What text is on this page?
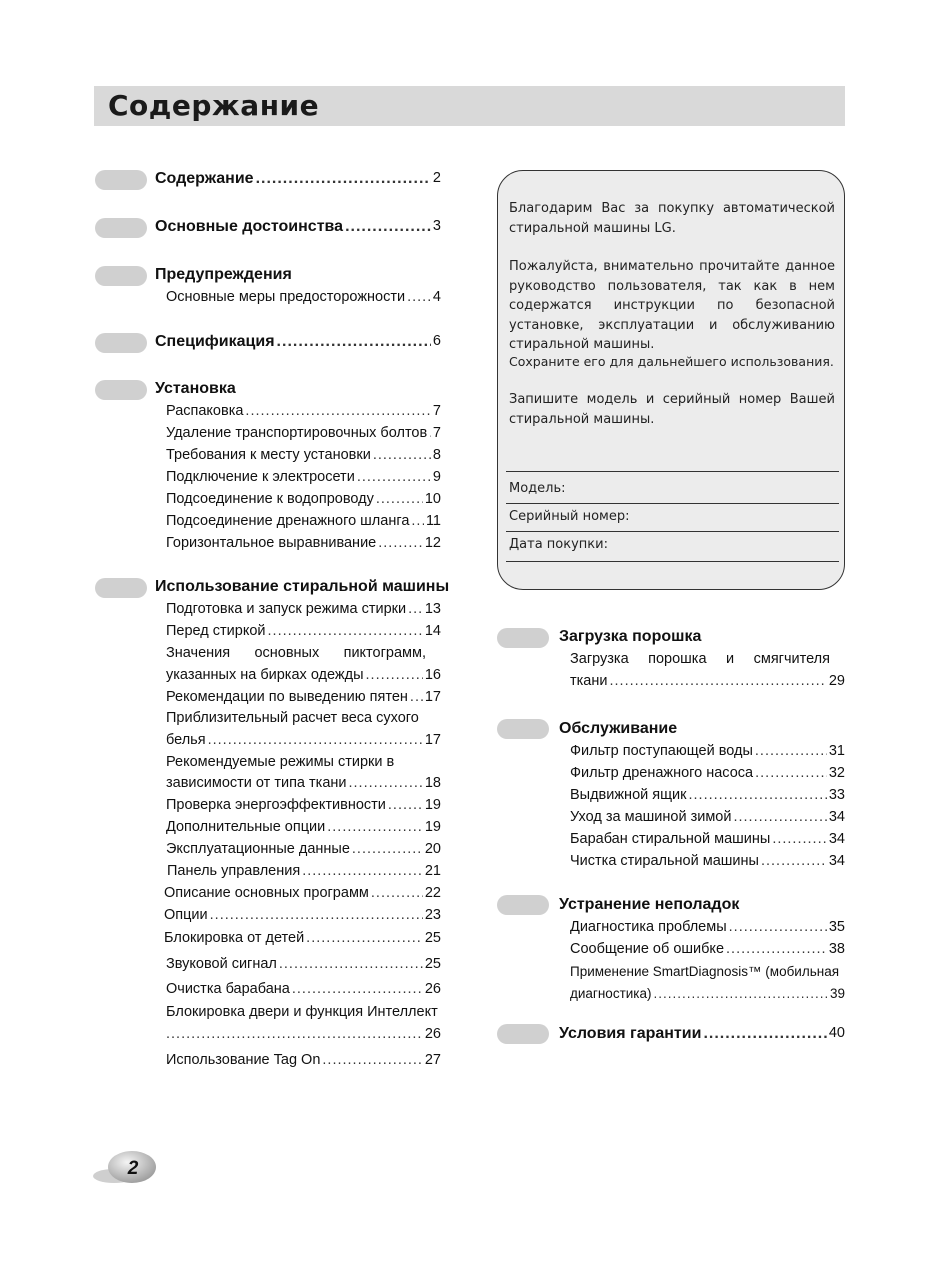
Содержание
Содержание .....	2
Основные достоинства .....	3
Предупреждения
Основные меры предосторожности ..... 4
Спецификация .....	6
Установка
Распаковка .....	7
Удаление транспортировочных болтов ..... 7
Требования к месту установки .....	8
Подключение к электросети .....	9
Подсоединение к водопроводу .....	10
Подсоединение дренажного шланга ..... 11
Горизонтальное выравнивание .....	12
Использование стиральной машины
Подготовка и запуск режима стирки ..... 13
Перед стиркой .....	14
Значения основных пиктограмм,
указанных на бирках одежды .....	16
Рекомендации по выведению пятен ..... 17
Приблизительный расчет веса сухого
белья .....	17
Рекомендуемые режимы стирки в
зависимости от типа ткани .....	18
Проверка энергоэффективности .....	19
Дополнительные опции .....	19
Эксплуатационные данные .....	20
Панель управления .....	21
Описание основных программ .....	22
Опции .....	23
Блокировка от детей .....	25
Звуковой сигнал .....	25
Очистка барабана .....	26
Блокировка двери и функция Интеллект
.....
26
Использование Tag On .....	27

Благодарим Вас за покупку автоматической стиральной машины LG.

Пожалуйста, внимательно прочитайте данное руководство пользователя, так как в нем содержатся инструкции по безопасной установке, эксплуатации и обслуживанию стиральной машины.

Сохраните его для дальнейшего использования.

Запишите модель и серийный номер Вашей стиральной машины.

Модель:
Серийный номер:
Дата покупки:
Загрузка порошка
Загрузка порошка и смягчителя
ткани .....	29
Обслуживание
Фильтр поступающей воды .....	31
Фильтр дренажного насоса .....	32
Выдвижной ящик .....	33
Уход за машиной зимой .....	34
Барабан стиральной машины .....	34
Чистка стиральной машины .....	34
Устранение неполадок
Диагностика проблемы .....	35
Сообщение об ошибке .....	38
Применение SmartDiagnosis™ (мобильная
диагностика) .....	39
Условия гарантии .....	40
2
